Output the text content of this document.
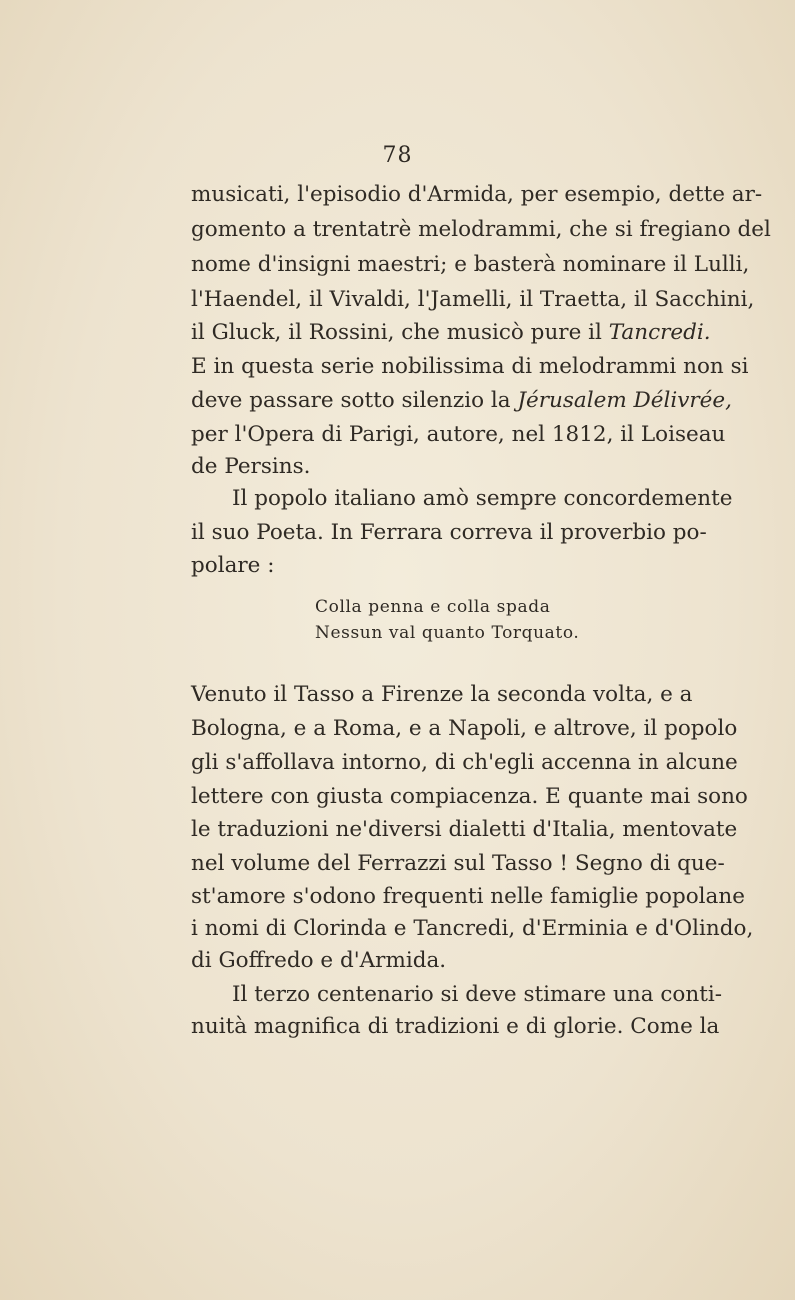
78
musicati, l'episodio d'Armida, per esempio, dette ar-
gomento a trentatrè melodrammi, che si fregiano del
nome d'insigni maestri; e basterà nominare il Lulli,
l'Haendel, il Vivaldi, l'Jamelli, il Traetta, il Sacchini,
il Gluck, il Rossini, che musicò pure il Tancredi.
E in questa serie nobilissima di melodrammi non si
deve passare sotto silenzio la Jérusalem Délivrée,
per l'Opera di Parigi, autore, nel 1812, il Loiseau
de Persins.
Il popolo italiano amò sempre concordemente
il suo Poeta. In Ferrara correva il proverbio po-
polare :
Colla penna e colla spada
Nessun val quanto Torquato.
Venuto il Tasso a Firenze la seconda volta, e a
Bologna, e a Roma, e a Napoli, e altrove, il popolo
gli s'affollava intorno, di ch'egli accenna in alcune
lettere con giusta compiacenza. E quante mai sono
le traduzioni ne'diversi dialetti d'Italia, mentovate
nel volume del Ferrazzi sul Tasso ! Segno di que-
st'amore s'odono frequenti nelle famiglie popolane
i nomi di Clorinda e Tancredi, d'Erminia e d'Olindo,
di Goffredo e d'Armida.
Il terzo centenario si deve stimare una conti-
nuità magnifica di tradizioni e di glorie. Come la
